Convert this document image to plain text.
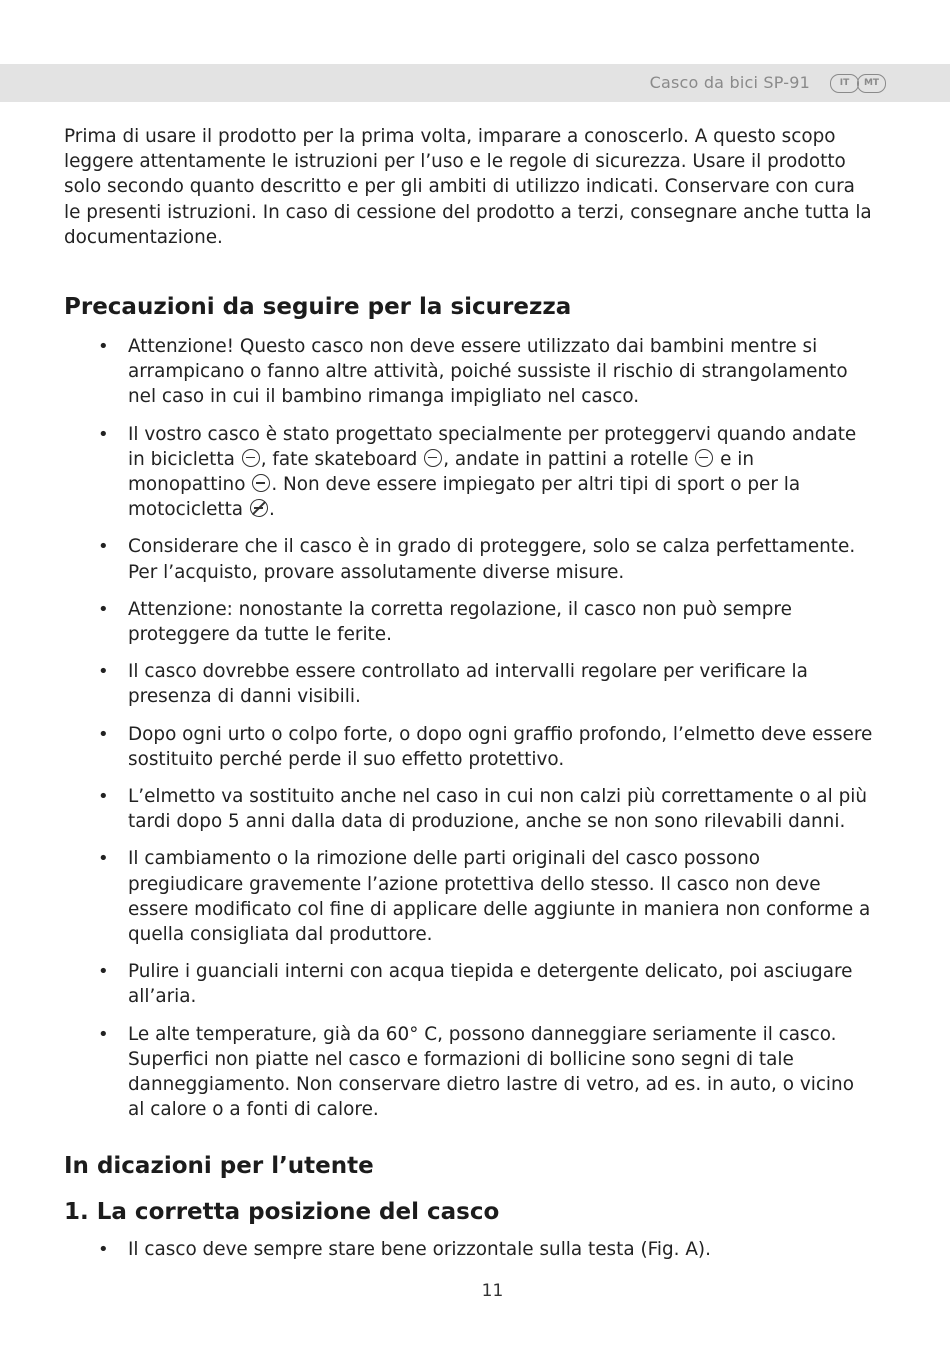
Casco da bici SP-91	IT	MT

Prima di usare il prodotto per la prima volta, imparare a conoscerlo. A questo scopo leggere attentamente le istruzioni per l’uso e le regole di sicurezza. Usare il prodotto solo secondo quanto descritto e per gli ambiti di utilizzo indicati. Conservare con cura le presenti istruzioni. In caso di cessione del prodotto a terzi, consegnare anche tutta la documentazione.

Precauzioni da seguire per la sicurezza
• Attenzione! Questo casco non deve essere utilizzato dai bambini mentre si arrampicano o fanno altre attività, poiché sussiste il rischio di strangolamento nel caso in cui il bambino rimanga impigliato nel casco.
• Il vostro casco è stato progettato specialmente per proteggervi quando andate in bicicletta , fate skateboard , andate in pattini a rotelle  e in monopattino . Non deve essere impiegato per altri tipi di sport o per la motocicletta .
• Considerare che il casco è in grado di proteggere, solo se calza perfettamente. Per l’acquisto, provare assolutamente diverse misure.
• Attenzione: nonostante la corretta regolazione, il casco non può sempre proteggere da tutte le ferite.
• Il casco dovrebbe essere controllato ad intervalli regolare per verificare la presenza di danni visibili.
• Dopo ogni urto o colpo forte, o dopo ogni graffio profondo, l’elmetto deve essere sostituito perché perde il suo effetto protettivo.
• L’elmetto va sostituito anche nel caso in cui non calzi più correttamente o al più tardi dopo 5 anni dalla data di produzione, anche se non sono rilevabili danni.
• Il cambiamento o la rimozione delle parti originali del casco possono pregiudicare gravemente l’azione protettiva dello stesso. Il casco non deve essere modificato col fine di applicare delle aggiunte in maniera non conforme a quella consigliata dal produttore.
• Pulire i guanciali interni con acqua tiepida e detergente delicato, poi asciugare all’aria.
• Le alte temperature, già da 60° C, possono danneggiare seriamente il casco. Superfici non piatte nel casco e formazioni di bollicine sono segni di tale danneggiamento. Non conservare dietro lastre di vetro, ad es. in auto, o vicino al calore o a fonti di calore.
In dicazioni per l’utente
1. La corretta posizione del casco
• Il casco deve sempre stare bene orizzontale sulla testa (Fig. A).
11
